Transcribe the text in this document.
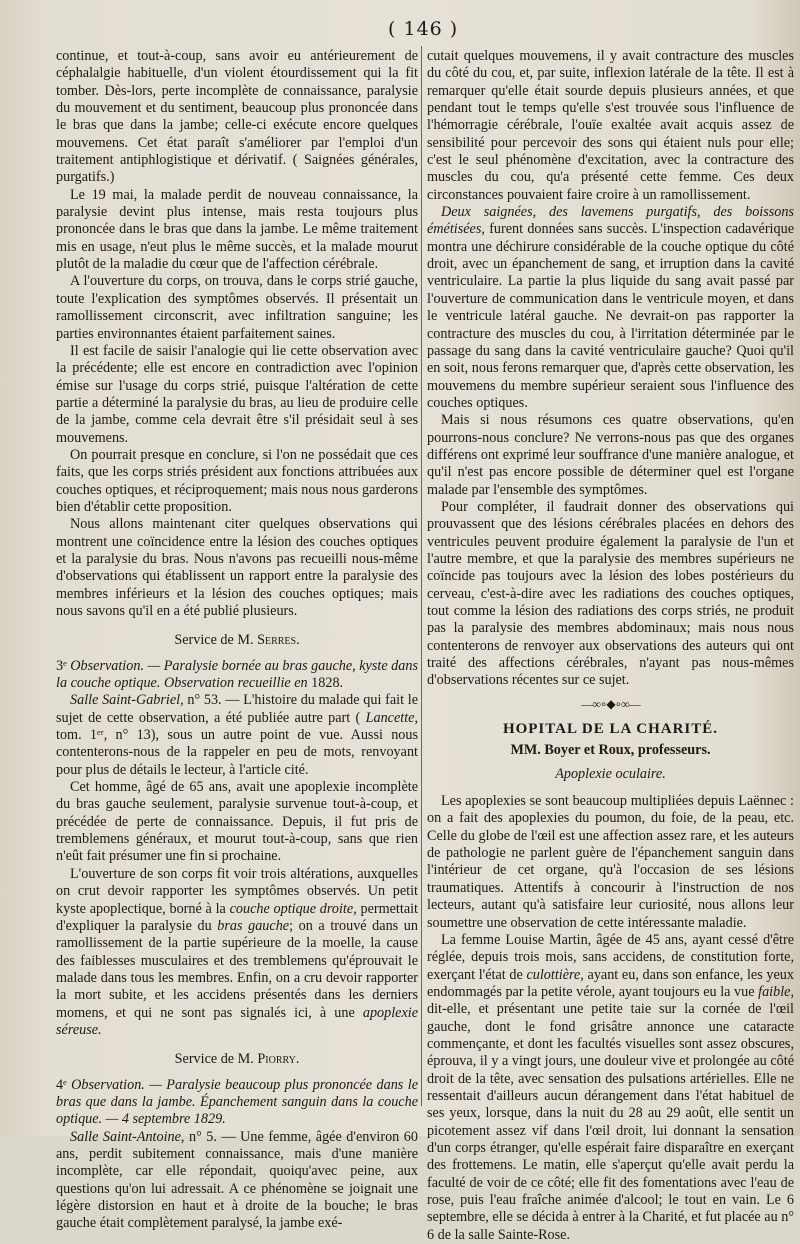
( 146 )

continue, et tout-à-coup, sans avoir eu antérieurement de céphalalgie habituelle, d'un violent étourdissement qui la fit tomber. Dès-lors, perte incomplète de connaissance, paralysie du mouvement et du sentiment, beaucoup plus prononcée dans le bras que dans la jambe; celle-ci exécute encore quelques mouvemens. Cet état paraît s'améliorer par l'emploi d'un traitement antiphlogistique et dérivatif. ( Saignées générales, purgatifs.)

Le 19 mai, la malade perdit de nouveau connaissance, la paralysie devint plus intense, mais resta toujours plus prononcée dans le bras que dans la jambe. Le même traitement mis en usage, n'eut plus le même succès, et la malade mourut plutôt de la maladie du cœur que de l'affection cérébrale.

A l'ouverture du corps, on trouva, dans le corps strié gauche, toute l'explication des symptômes observés. Il présentait un ramollissement circonscrit, avec infiltration sanguine; les parties environnantes étaient parfaitement saines.

Il est facile de saisir l'analogie qui lie cette observation avec la précédente; elle est encore en contradiction avec l'opinion émise sur l'usage du corps strié, puisque l'altération de cette partie a déterminé la paralysie du bras, au lieu de produire celle de la jambe, comme cela devrait être s'il présidait seul à ses mouvemens.

On pourrait presque en conclure, si l'on ne possédait que ces faits, que les corps striés président aux fonctions attribuées aux couches optiques, et réciproquement; mais nous nous garderons bien d'établir cette proposition.

Nous allons maintenant citer quelques observations qui montrent une coïncidence entre la lésion des couches optiques et la paralysie du bras. Nous n'avons pas recueilli nous-même d'observations qui établissent un rapport entre la paralysie des membres inférieurs et la lésion des couches optiques; mais nous savons qu'il en a été publié plusieurs.

Service de M. Serres.

3ᵉ Observation. — Paralysie bornée au bras gauche, kyste dans la couche optique. Observation recueillie en 1828.

Salle Saint-Gabriel, n° 53. — L'histoire du malade qui fait le sujet de cette observation, a été publiée autre part ( Lancette, tom. 1ᵉʳ, n° 13), sous un autre point de vue. Aussi nous contenterons-nous de la rappeler en peu de mots, renvoyant pour plus de détails le lecteur, à l'article cité.

Cet homme, âgé de 65 ans, avait une apoplexie incomplète du bras gauche seulement, paralysie survenue tout-à-coup, et précédée de perte de connaissance. Depuis, il fut pris de tremblemens généraux, et mourut tout-à-coup, sans que rien n'eût fait présumer une fin si prochaine.

L'ouverture de son corps fit voir trois altérations, auxquelles on crut devoir rapporter les symptômes observés. Un petit kyste apoplectique, borné à la couche optique droite, permettait d'expliquer la paralysie du bras gauche; on a trouvé dans un ramollissement de la partie supérieure de la moelle, la cause des faiblesses musculaires et des tremblemens qu'éprouvait le malade dans tous les membres. Enfin, on a cru devoir rapporter la mort subite, et les accidens présentés dans les derniers momens, et qui ne sont pas signalés ici, à une apoplexie séreuse.

Service de M. Piorry.

4ᵉ Observation. — Paralysie beaucoup plus prononcée dans le bras que dans la jambe. Épanchement sanguin dans la couche optique. — 4 septembre 1829.

Salle Saint-Antoine, n° 5. — Une femme, âgée d'environ 60 ans, perdit subitement connaissance, mais d'une manière incomplète, car elle répondait, quoiqu'avec peine, aux questions qu'on lui adressait. A ce phénomène se joignait une légère distorsion en haut et à droite de la bouche; le bras gauche était complètement paralysé, la jambe exé-

cutait quelques mouvemens, il y avait contracture des muscles du côté du cou, et, par suite, inflexion latérale de la tête. Il est à remarquer qu'elle était sourde depuis plusieurs années, et que pendant tout le temps qu'elle s'est trouvée sous l'influence de l'hémorragie cérébrale, l'ouïe exaltée avait acquis assez de sensibilité pour percevoir des sons qui étaient nuls pour elle; c'est le seul phénomène d'excitation, avec la contracture des muscles du cou, qu'a présenté cette femme. Ces deux circonstances pouvaient faire croire à un ramollissement.

Deux saignées, des lavemens purgatifs, des boissons émétisées, furent données sans succès. L'inspection cadavérique montra une déchirure considérable de la couche optique du côté droit, avec un épanchement de sang, et irruption dans la cavité ventriculaire. La partie la plus liquide du sang avait passé par l'ouverture de communication dans le ventricule moyen, et dans le ventricule latéral gauche. Ne devrait-on pas rapporter la contracture des muscles du cou, à l'irritation déterminée par le passage du sang dans la cavité ventriculaire gauche? Quoi qu'il en soit, nous ferons remarquer que, d'après cette observation, les mouvemens du membre supérieur seraient sous l'influence des couches optiques.

Mais si nous résumons ces quatre observations, qu'en pourrons-nous conclure? Ne verrons-nous pas que des organes différens ont exprimé leur souffrance d'une manière analogue, et qu'il n'est pas encore possible de déterminer quel est l'organe malade par l'ensemble des symptômes.

Pour compléter, il faudrait donner des observations qui prouvassent que des lésions cérébrales placées en dehors des ventricules peuvent produire également la paralysie de l'un et l'autre membre, et que la paralysie des membres supérieurs ne coïncide pas toujours avec la lésion des lobes postérieurs du cerveau, c'est-à-dire avec les radiations des couches optiques, tout comme la lésion des radiations des corps striés, ne produit pas la paralysie des membres abdominaux; mais nous nous contenterons de renvoyer aux observations des auteurs qui ont traité des affections cérébrales, n'ayant pas nous-mêmes d'observations récentes sur ce sujet.

—∞∘◆∘∞—
HOPITAL DE LA CHARITÉ.
MM. Boyer et Roux, professeurs.
Apoplexie oculaire.

Les apoplexies se sont beaucoup multipliées depuis Laënnec : on a fait des apoplexies du poumon, du foie, de la peau, etc. Celle du globe de l'œil est une affection assez rare, et les auteurs de pathologie ne parlent guère de l'épanchement sanguin dans l'intérieur de cet organe, qu'à l'occasion de ses lésions traumatiques. Attentifs à concourir à l'instruction de nos lecteurs, autant qu'à satisfaire leur curiosité, nous allons leur soumettre une observation de cette intéressante maladie.

La femme Louise Martin, âgée de 45 ans, ayant cessé d'être réglée, depuis trois mois, sans accidens, de constitution forte, exerçant l'état de culottière, ayant eu, dans son enfance, les yeux endommagés par la petite vérole, ayant toujours eu la vue faible, dit-elle, et présentant une petite taie sur la cornée de l'œil gauche, dont le fond grisâtre annonce une cataracte commençante, et dont les facultés visuelles sont assez obscures, éprouva, il y a vingt jours, une douleur vive et prolongée au côté droit de la tête, avec sensation des pulsations artérielles. Elle ne ressentait d'ailleurs aucun dérangement dans l'état habituel de ses yeux, lorsque, dans la nuit du 28 au 29 août, elle sentit un picotement assez vif dans l'œil droit, lui donnant la sensation d'un corps étranger, qu'elle espérait faire disparaître en exerçant des frottemens. Le matin, elle s'aperçut qu'elle avait perdu la faculté de voir de ce côté; elle fit des fomentations avec l'eau de rose, puis l'eau fraîche animée d'alcool; le tout en vain. Le 6 septembre, elle se décida à entrer à la Charité, et fut placée au n° 6 de la salle Sainte-Rose.
